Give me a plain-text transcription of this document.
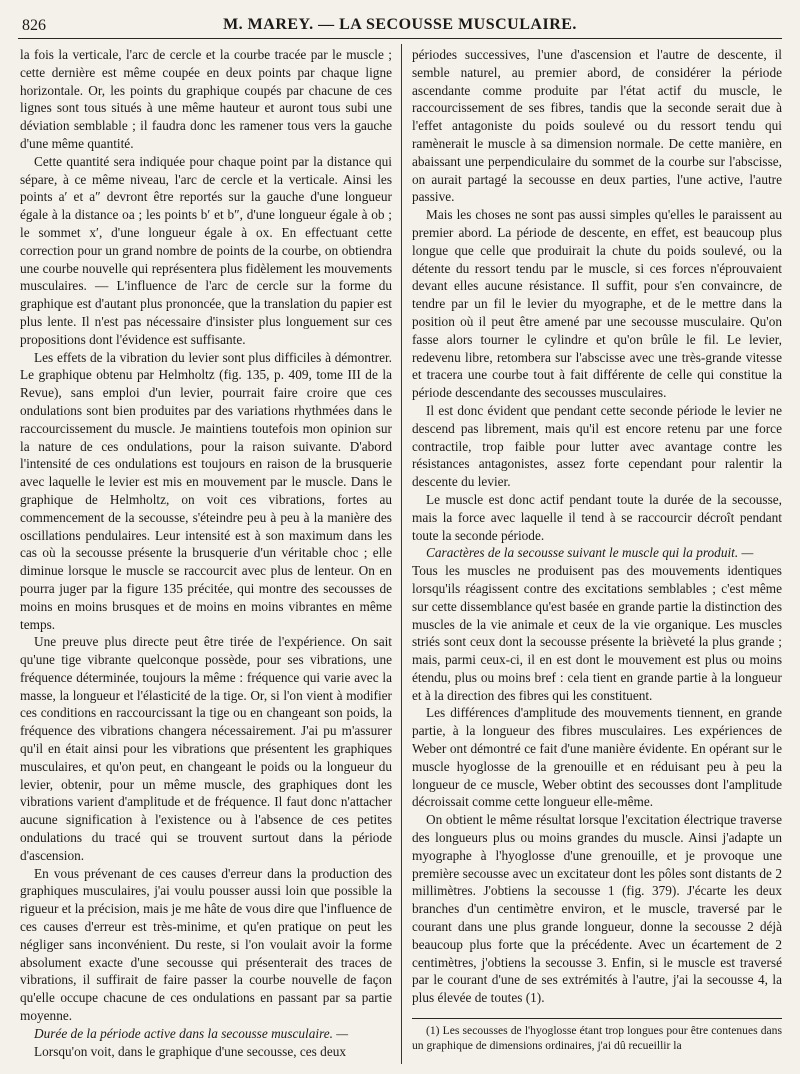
826	M. MAREY. — LA SECOUSSE MUSCULAIRE.

la fois la verticale, l'arc de cercle et la courbe tracée par le muscle ; cette dernière est même coupée en deux points par chaque ligne horizontale. Or, les points du graphique coupés par chacune de ces lignes sont tous situés à une même hauteur et auront tous subi une déviation semblable ; il faudra donc les ramener tous vers la gauche d'une même quantité.

Cette quantité sera indiquée pour chaque point par la distance qui sépare, à ce même niveau, l'arc de cercle et la verticale. Ainsi les points a′ et a″ devront être reportés sur la gauche d'une longueur égale à la distance oa ; les points b′ et b″, d'une longueur égale à ob ; le sommet x′, d'une longueur égale à ox. En effectuant cette correction pour un grand nombre de points de la courbe, on obtiendra une courbe nouvelle qui représentera plus fidèlement les mouvements musculaires. — L'influence de l'arc de cercle sur la forme du graphique est d'autant plus prononcée, que la translation du papier est plus lente. Il n'est pas nécessaire d'insister plus longuement sur ces propositions dont l'évidence est suffisante.

Les effets de la vibration du levier sont plus difficiles à démontrer. Le graphique obtenu par Helmholtz (fig. 135, p. 409, tome III de la Revue), sans emploi d'un levier, pourrait faire croire que ces ondulations sont bien produites par des variations rhythmées dans le raccourcissement du muscle. Je maintiens toutefois mon opinion sur la nature de ces ondulations, pour la raison suivante. D'abord l'intensité de ces ondulations est toujours en raison de la brusquerie avec laquelle le levier est mis en mouvement par le muscle. Dans le graphique de Helmholtz, on voit ces vibrations, fortes au commencement de la secousse, s'éteindre peu à peu à la manière des oscillations pendulaires. Leur intensité est à son maximum dans les cas où la secousse présente la brusquerie d'un véritable choc ; elle diminue lorsque le muscle se raccourcit avec plus de lenteur. On en pourra juger par la figure 135 précitée, qui montre des secousses de moins en moins brusques et de moins en moins vibrantes en même temps.

Une preuve plus directe peut être tirée de l'expérience. On sait qu'une tige vibrante quelconque possède, pour ses vibrations, une fréquence déterminée, toujours la même : fréquence qui varie avec la masse, la longueur et l'élasticité de la tige. Or, si l'on vient à modifier ces conditions en raccourcissant la tige ou en changeant son poids, la fréquence des vibrations changera nécessairement. J'ai pu m'assurer qu'il en était ainsi pour les vibrations que présentent les graphiques musculaires, et qu'on peut, en changeant le poids ou la longueur du levier, obtenir, pour un même muscle, des graphiques dont les vibrations varient d'amplitude et de fréquence. Il faut donc n'attacher aucune signification à l'existence ou à l'absence de ces petites ondulations du tracé qui se trouvent surtout dans la période d'ascension.

En vous prévenant de ces causes d'erreur dans la production des graphiques musculaires, j'ai voulu pousser aussi loin que possible la rigueur et la précision, mais je me hâte de vous dire que l'influence de ces causes d'erreur est très-minime, et qu'en pratique on peut les négliger sans inconvénient. Du reste, si l'on voulait avoir la forme absolument exacte d'une secousse qui présenterait des traces de vibrations, il suffirait de faire passer la courbe nouvelle de façon qu'elle occupe chacune de ces ondulations en passant par sa partie moyenne.

Durée de la période active dans la secousse musculaire. —

Lorsqu'on voit, dans le graphique d'une secousse, ces deux

périodes successives, l'une d'ascension et l'autre de descente, il semble naturel, au premier abord, de considérer la période ascendante comme produite par l'état actif du muscle, le raccourcissement de ses fibres, tandis que la seconde serait due à l'effet antagoniste du poids soulevé ou du ressort tendu qui ramènerait le muscle à sa dimension normale. De cette manière, en abaissant une perpendiculaire du sommet de la courbe sur l'abscisse, on aurait partagé la secousse en deux parties, l'une active, l'autre passive.

Mais les choses ne sont pas aussi simples qu'elles le paraissent au premier abord. La période de descente, en effet, est beaucoup plus longue que celle que produirait la chute du poids soulevé, ou la détente du ressort tendu par le muscle, si ces forces n'éprouvaient devant elles aucune résistance. Il suffit, pour s'en convaincre, de tendre par un fil le levier du myographe, et de le mettre dans la position où il peut être amené par une secousse musculaire. Qu'on fasse alors tourner le cylindre et qu'on brûle le fil. Le levier, redevenu libre, retombera sur l'abscisse avec une très-grande vitesse et tracera une courbe tout à fait différente de celle qui constitue la période descendante des secousses musculaires.

Il est donc évident que pendant cette seconde période le levier ne descend pas librement, mais qu'il est encore retenu par une force contractile, trop faible pour lutter avec avantage contre les résistances antagonistes, assez forte cependant pour ralentir la descente du levier.

Le muscle est donc actif pendant toute la durée de la secousse, mais la force avec laquelle il tend à se raccourcir décroît pendant toute la seconde période.

Caractères de la secousse suivant le muscle qui la produit. —

Tous les muscles ne produisent pas des mouvements identiques lorsqu'ils réagissent contre des excitations semblables ; c'est même sur cette dissemblance qu'est basée en grande partie la distinction des muscles de la vie animale et ceux de la vie organique. Les muscles striés sont ceux dont la secousse présente la brièveté la plus grande ; mais, parmi ceux-ci, il en est dont le mouvement est plus ou moins étendu, plus ou moins bref : cela tient en grande partie à la longueur et à la direction des fibres qui les constituent.

Les différences d'amplitude des mouvements tiennent, en grande partie, à la longueur des fibres musculaires. Les expériences de Weber ont démontré ce fait d'une manière évidente. En opérant sur le muscle hyoglosse de la grenouille et en réduisant peu à peu la longueur de ce muscle, Weber obtint des secousses dont l'amplitude décroissait comme cette longueur elle-même.

On obtient le même résultat lorsque l'excitation électrique traverse des longueurs plus ou moins grandes du muscle. Ainsi j'adapte un myographe à l'hyoglosse d'une grenouille, et je provoque une première secousse avec un excitateur dont les pôles sont distants de 2 millimètres. J'obtiens la secousse 1 (fig. 379). J'écarte les deux branches d'un centimètre environ, et le muscle, traversé par le courant dans une plus grande longueur, donne la secousse 2 déjà beaucoup plus forte que la précédente. Avec un écartement de 2 centimètres, j'obtiens la secousse 3. Enfin, si le muscle est traversé par le courant d'une de ses extrémités à l'autre, j'ai la secousse 4, la plus élevée de toutes (1).

(1) Les secousses de l'hyoglosse étant trop longues pour être contenues dans un graphique de dimensions ordinaires, j'ai dû recueillir la
